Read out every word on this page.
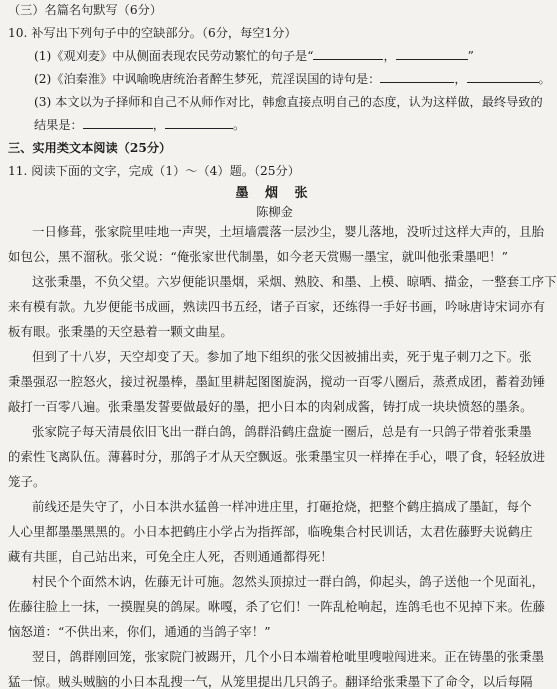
（三）名篇名句默写（6分）
10. 补写出下列句子中的空缺部分。（6分，每空1分）
(1)《观刈麦》中从侧面表现农民劳动繁忙的句子是“	，	”
(2)《泊秦淮》中讽喻晚唐统治者醉生梦死，荒淫误国的诗句是：	，	。
(3) 本文以为子择师和自己不从师作对比，韩愈直接点明自己的态度，认为这样做，最终导致的
结果是：	，	。
三、实用类文本阅读（25分）
11. 阅读下面的文字，完成（1）～（4）题。（25分）
墨 烟 张
陈柳金
一日修葺，张家院里哇地一声哭，土垣墙震落一层沙尘，婴儿落地，没听过这样大声的，且胎
如包公，黑不溜秋。张父说：“俺张家世代制墨，如今老天赏赐一墨宝，就叫他张秉墨吧！”
这张秉墨，不负父望。六岁便能识墨烟，采烟、熟胶、和墨、上模、晾晒、描金，一整套工序下
来有模有款。九岁便能书成画，熟读四书五经，诸子百家，还练得一手好书画，吟咏唐诗宋词亦有
板有眼。张秉墨的天空悬着一颗文曲星。
但到了十八岁，天空却变了天。参加了地下组织的张父因被捕出卖，死于鬼子刺刀之下。张
秉墨强忍一腔怒火，接过祝墨棒，墨缸里耕起图图旋涡，搅动一百零八圈后，蒸煮成团，蓄着劲锤
敲打一百零八遍。张秉墨发誓要做最好的墨，把小日本的肉剁成酱，铸打成一块块愤怒的墨条。
张家院子每天清晨依旧飞出一群白鸽，鸽群沿鹤庄盘旋一圈后，总是有一只鸽子带着张秉墨
的索性飞离队伍。薄暮时分，那鸽子才从天空飘返。张秉墨宝贝一样捧在手心，喂了食，轻轻放进
笼子。
前线还是失守了，小日本洪水猛兽一样冲进庄里，打砸抢烧，把整个鹤庄搞成了墨缸，每个
人心里都墨墨黑黑的。小日本把鹤庄小学占为指挥部，临晚集合村民训话，太君佐藤野夫说鹤庄
藏有共匪，自己站出来，可免全庄人死，否则通通都得死！
村民个个面然木讷，佐藤无计可施。忽然头顶掠过一群白鸽，仰起头，鸽子送他一个见面礼，
佐藤往脸上一抹，一摸腥臭的鸽屎。咻嘎，杀了它们！一阵乱枪响起，连鸽毛也不见掉下来。佐藤
恼怒道：“不供出来，你们，通通的当鸽子宰！”
翌日，鸽群刚回笼，张家院门被踢开，几个小日本端着枪呲里嗖啦闯进来。正在铸墨的张秉墨
猛一惊。贼头贼脑的小日本乱搜一气，从笼里提出几只鸽子。翻译给张秉墨下了命令，以后每隔
